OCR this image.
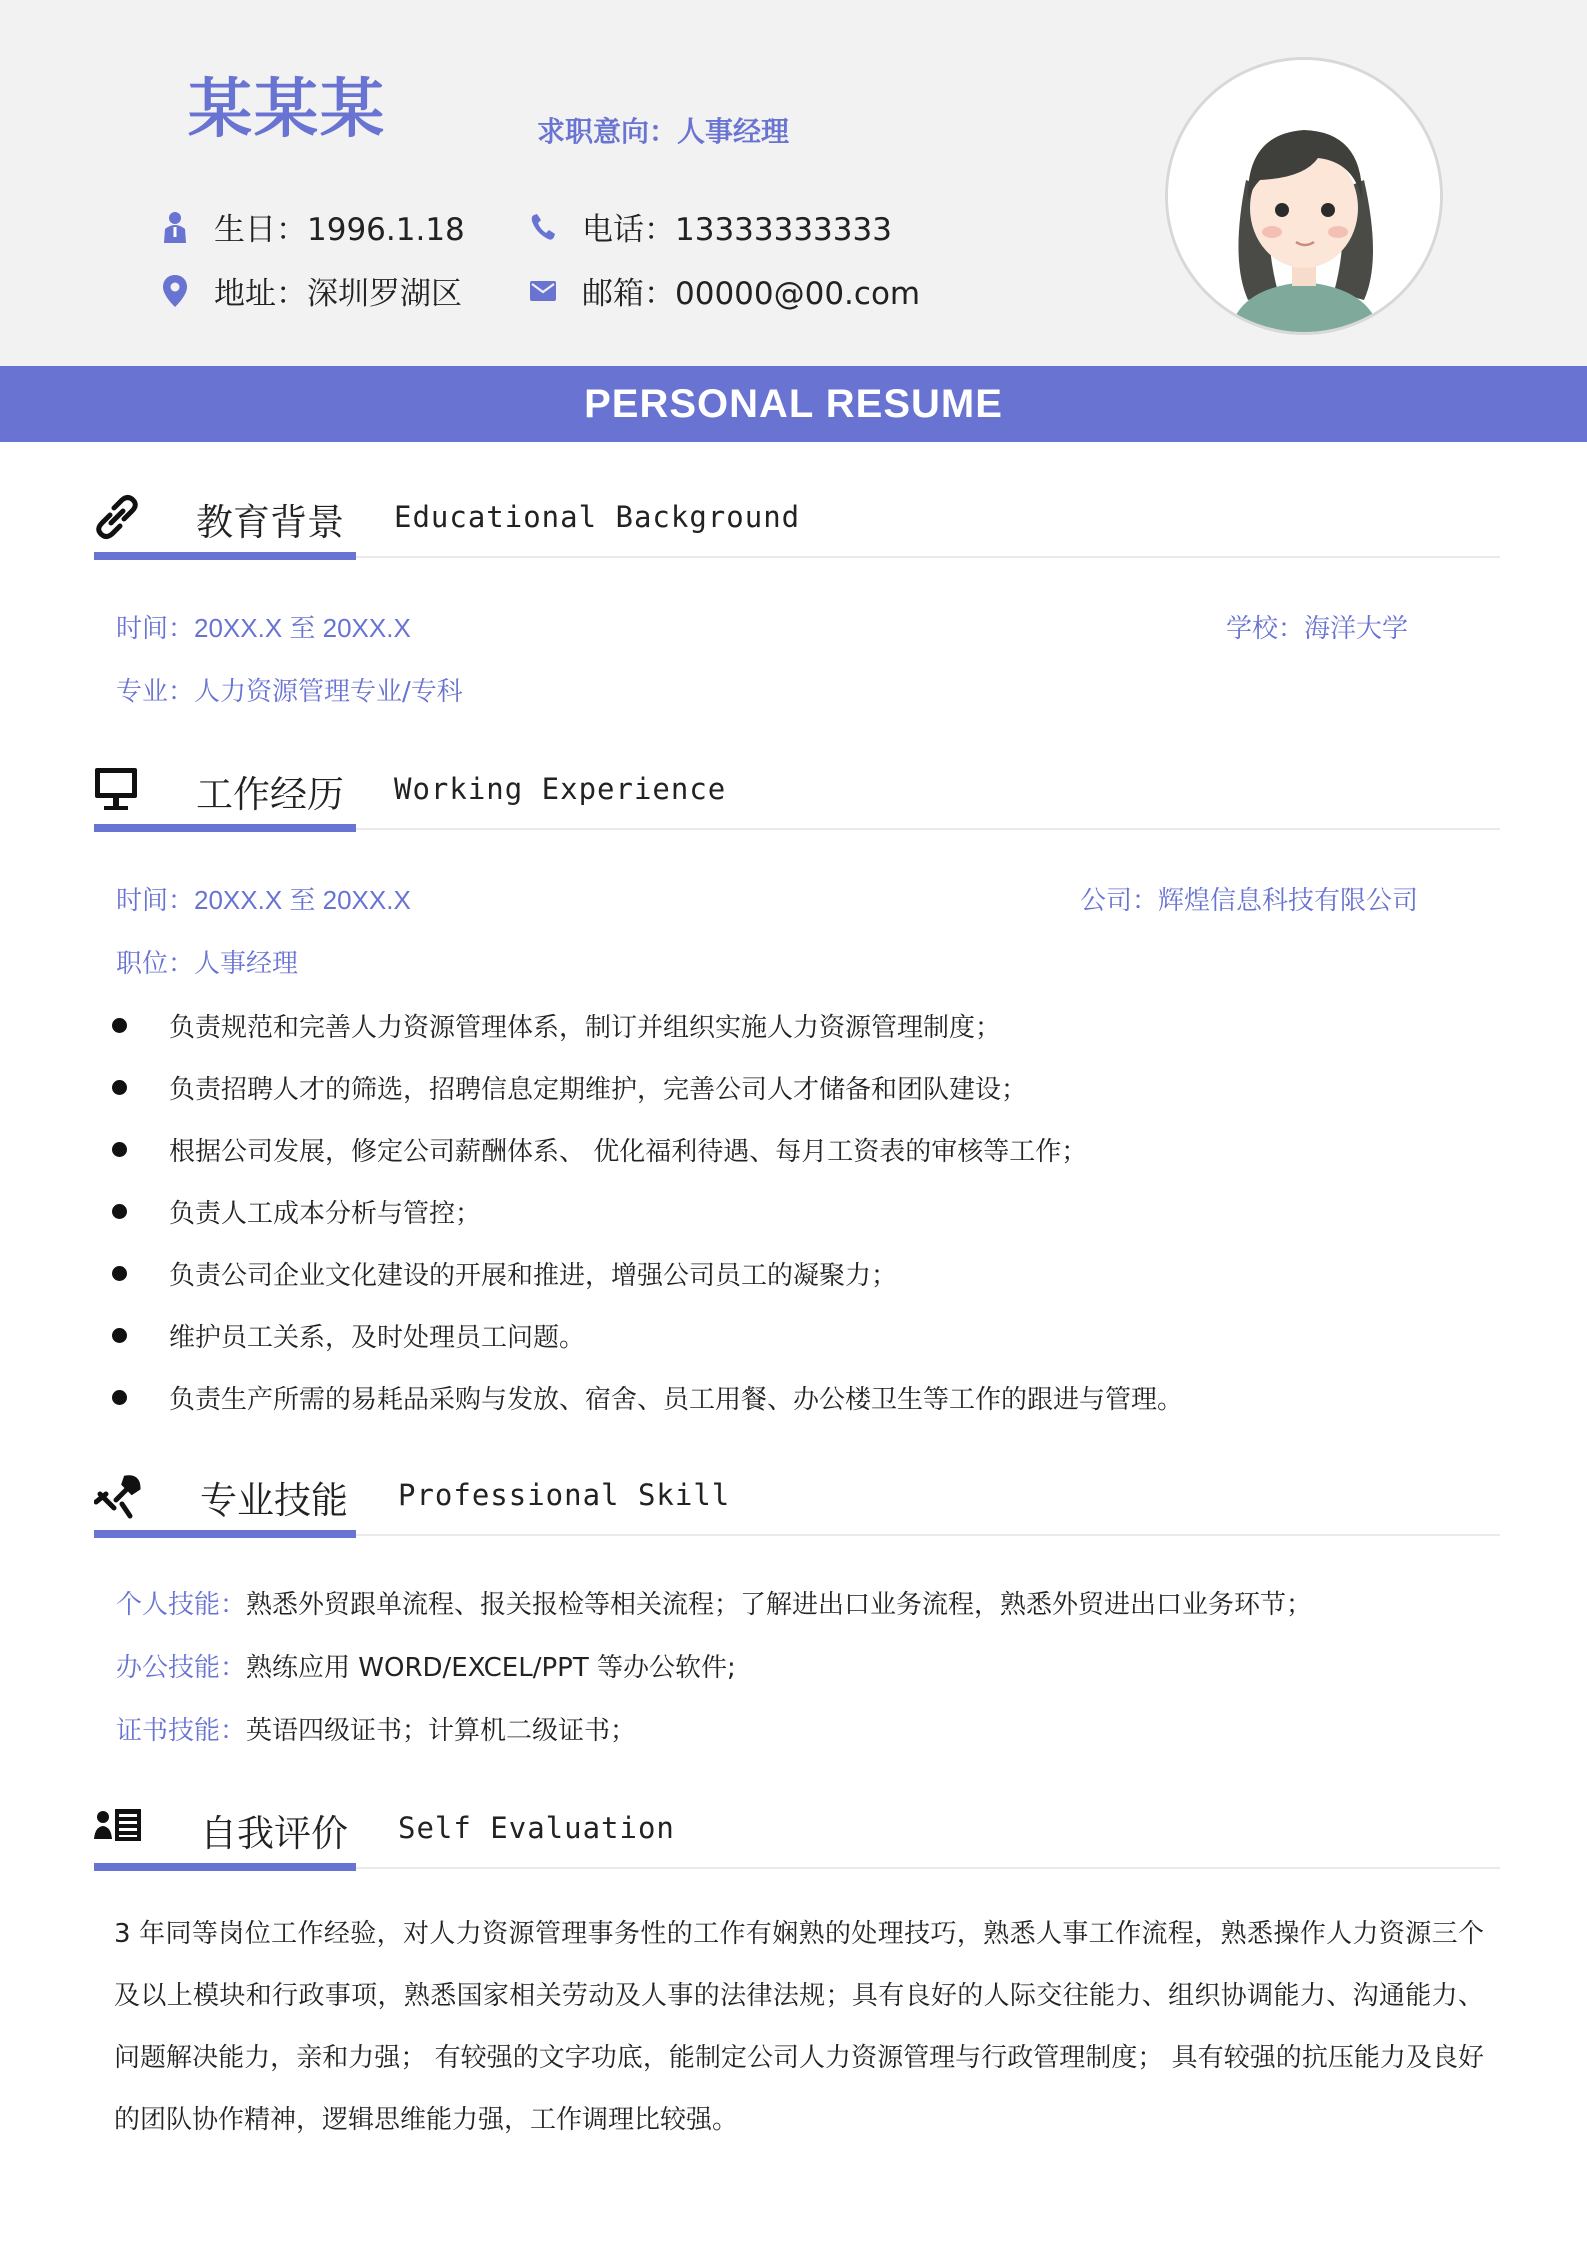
某某某	求职意向：人事经理
生日：1996.1.18
地址：深圳罗湖区
电话：13333333333
邮箱：00000@00.com
PERSONAL RESUME
教育背景 Educational Background
时间：20XX.X 至 20XX.X	学校：海洋大学
专业：人力资源管理专业/专科
工作经历 Working Experience
时间：20XX.X 至 20XX.X	公司：辉煌信息科技有限公司
职位：人事经理
负责规范和完善人力资源管理体系，制订并组织实施人力资源管理制度；
负责招聘人才的筛选，招聘信息定期维护，完善公司人才储备和团队建设；
根据公司发展，修定公司薪酬体系、 优化福利待遇、每月工资表的审核等工作；
负责人工成本分析与管控；
负责公司企业文化建设的开展和推进，增强公司员工的凝聚力；
维护员工关系，及时处理员工问题。
负责生产所需的易耗品采购与发放、宿舍、员工用餐、办公楼卫生等工作的跟进与管理。
专业技能 Professional Skill
个人技能：熟悉外贸跟单流程、报关报检等相关流程；了解进出口业务流程，熟悉外贸进出口业务环节；
办公技能：熟练应用 WORD/EXCEL/PPT 等办公软件;
证书技能：英语四级证书；计算机二级证书；
自我评价 Self Evaluation

3 年同等岗位工作经验，对人力资源管理事务性的工作有娴熟的处理技巧，熟悉人事工作流程，熟悉操作人力资源三个及以上模块和行政事项，熟悉国家相关劳动及人事的法律法规；具有良好的人际交往能力、组织协调能力、沟通能力、问题解决能力，亲和力强； 有较强的文字功底，能制定公司人力资源管理与行政管理制度； 具有较强的抗压能力及良好的团队协作精神，逻辑思维能力强，工作调理比较强。
